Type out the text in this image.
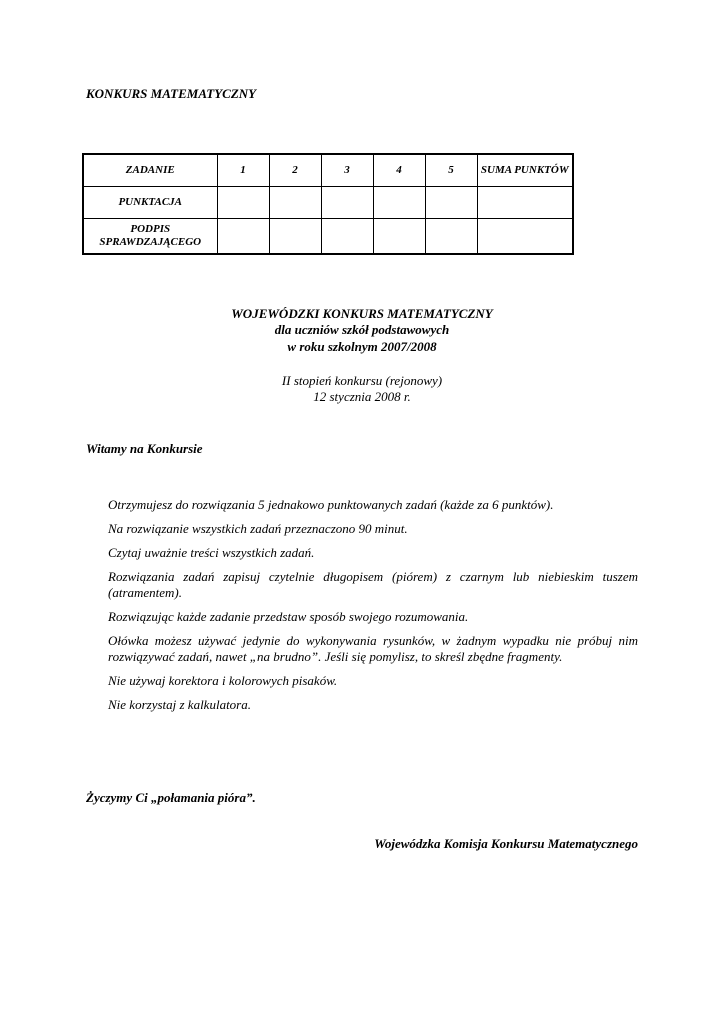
KONKURS MATEMATYCZNY
ZADANIE	1	2	3	4	5	SUMA PUNKTÓW
PUNKTACJA						
PODPIS SPRAWDZAJĄCEGO						
WOJEWÓDZKI KONKURS MATEMATYCZNY
dla uczniów szkół podstawowych
w roku szkolnym 2007/2008
II stopień konkursu (rejonowy)
12 stycznia 2008 r.
Witamy na Konkursie

Otrzymujesz do rozwiązania 5 jednakowo punktowanych zadań (każde za 6 punktów).

Na rozwiązanie wszystkich zadań przeznaczono 90 minut.

Czytaj uważnie treści wszystkich zadań.

Rozwiązania zadań zapisuj czytelnie długopisem (piórem) z czarnym lub niebieskim tuszem (atramentem).

Rozwiązując każde zadanie przedstaw sposób swojego rozumowania.

Ołówka możesz używać jedynie do wykonywania rysunków, w żadnym wypadku nie próbuj nim rozwiązywać zadań, nawet „na brudno”. Jeśli się pomylisz, to skreśl zbędne fragmenty.

Nie używaj korektora i kolorowych pisaków.

Nie korzystaj z kalkulatora.

Życzymy Ci „połamania pióra”.
Wojewódzka Komisja Konkursu Matematycznego
